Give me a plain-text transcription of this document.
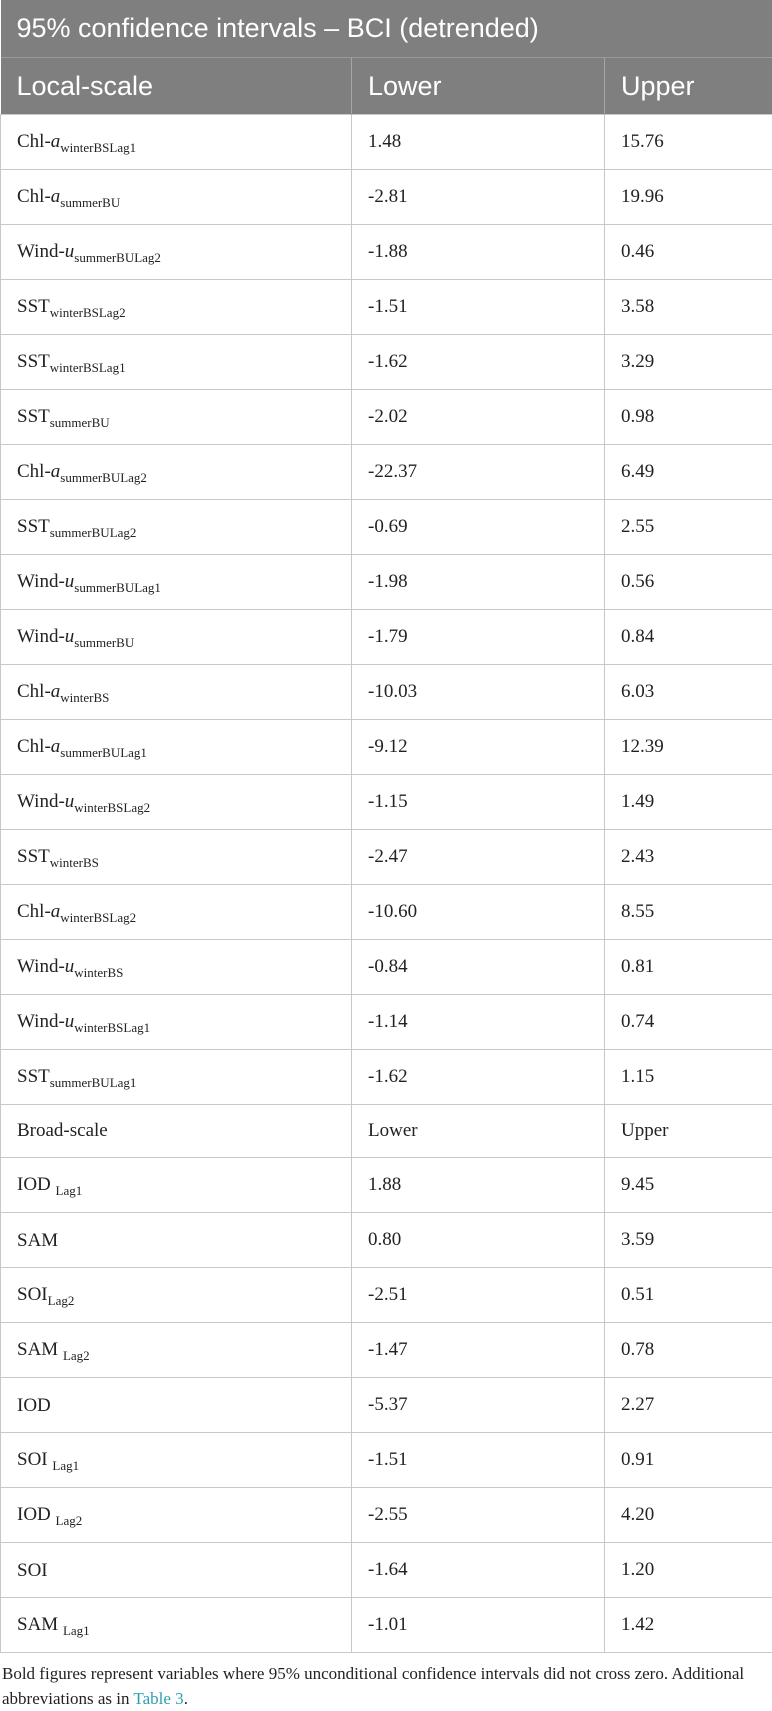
95% confidence intervals – BCI (detrended)		
Local-scale	Lower	Upper
Chl-$a_{winterBSLag1}$	1.48	15.76
Chl-$a_{summerBU}$	-2.81	19.96
Wind-$u_{summerBULag2}$	-1.88	0.46
$SST_{winterBSLag2}$	-1.51	3.58
$SST_{winterBSLag1}$	-1.62	3.29
$SST_{summerBU}$	-2.02	0.98
Chl-$a_{summerBULag2}$	-22.37	6.49
$SST_{summerBULag2}$	-0.69	2.55
Wind-$u_{summerBULag1}$	-1.98	0.56
Wind-$u_{summerBU}$	-1.79	0.84
Chl-$a_{winterBS}$	-10.03	6.03
Chl-$a_{summerBULag1}$	-9.12	12.39
Wind-$u_{winterBSLag2}$	-1.15	1.49
$SST_{winterBS}$	-2.47	2.43
Chl-$a_{winterBSLag2}$	-10.60	8.55
Wind-$u_{winterBS}$	-0.84	0.81
Wind-$u_{winterBSLag1}$	-1.14	0.74
$SST_{summerBULag1}$	-1.62	1.15
Broad-scale	Lower	Upper
IOD $_{Lag1}$	1.88	9.45
SAM	0.80	3.59
$SOI_{Lag2}$	-2.51	0.51
SAM $_{Lag2}$	-1.47	0.78
IOD	-5.37	2.27
SOI $_{Lag1}$	-1.51	0.91
IOD $_{Lag2}$	-2.55	4.20
SOI	-1.64	1.20
SAM $_{Lag1}$	-1.01	1.42
Bold figures represent variables where 95% unconditional confidence intervals did not cross zero. Additional abbreviations as in Table 3.
